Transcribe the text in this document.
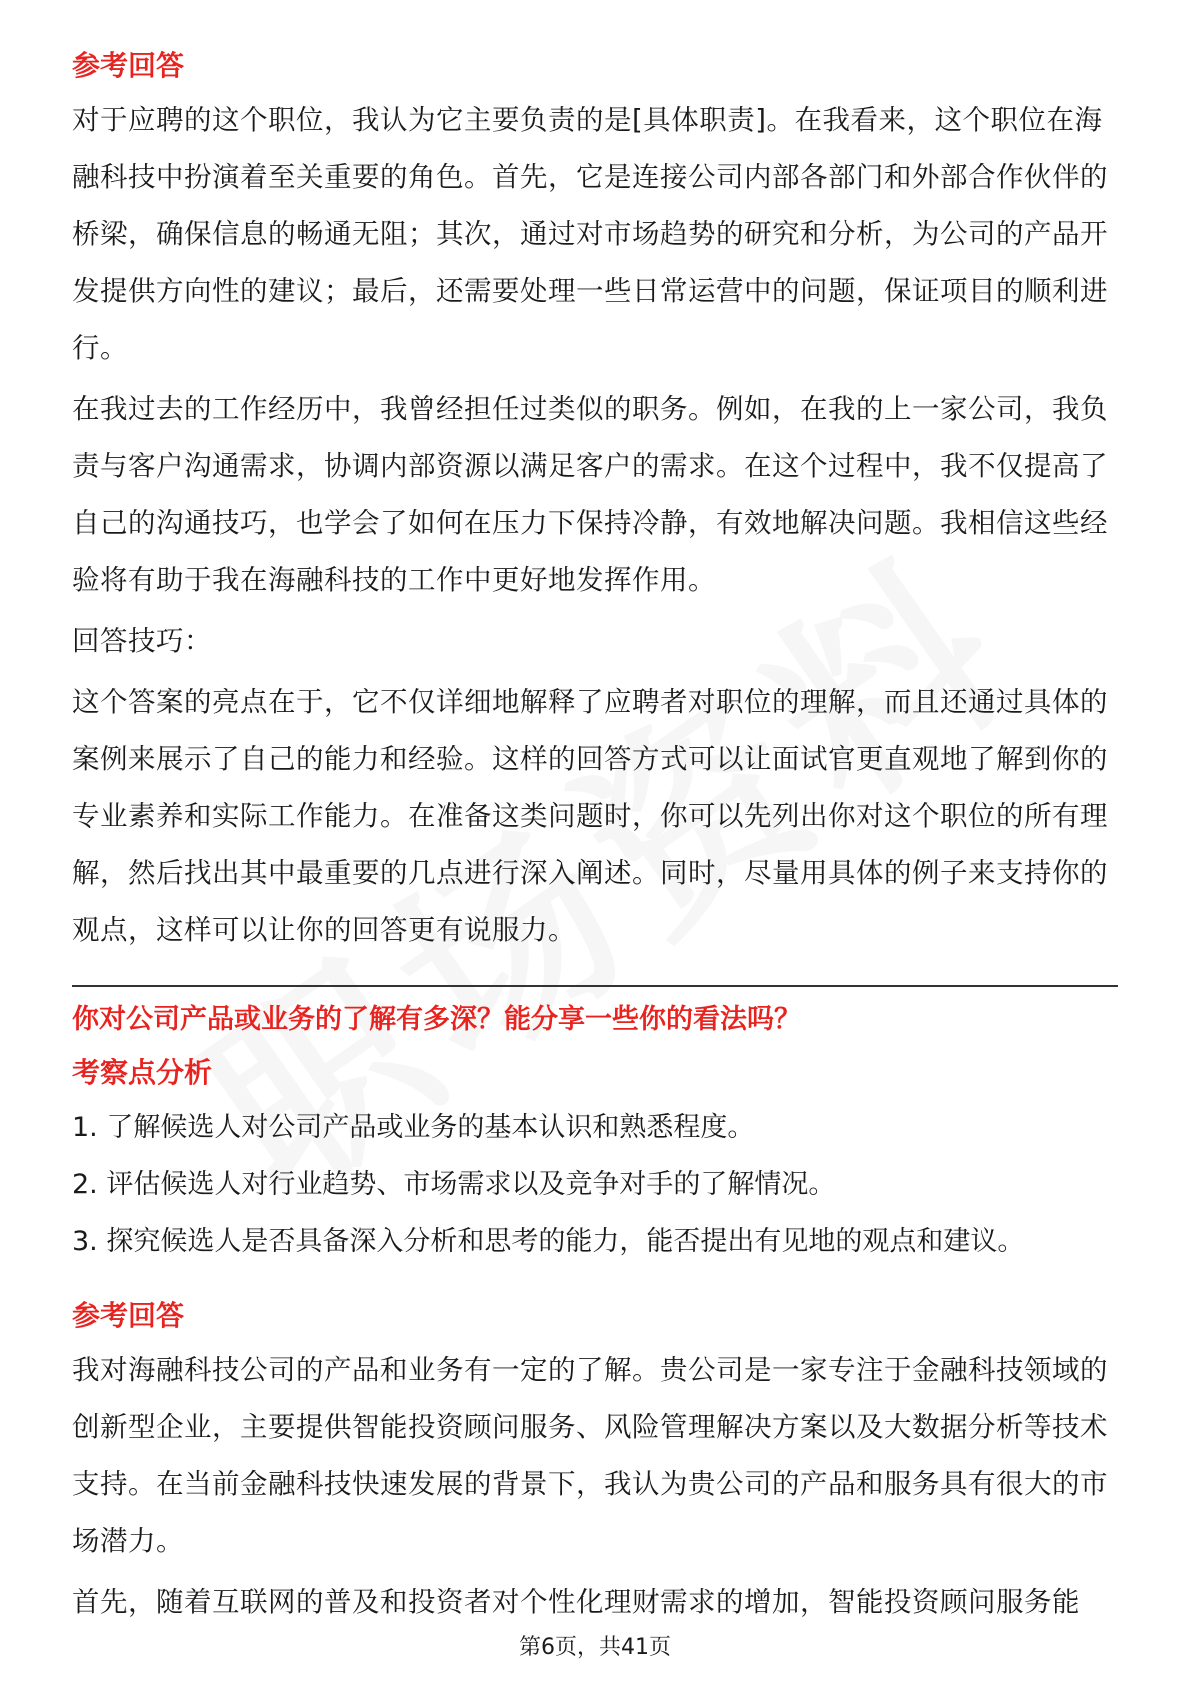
参考回答

对于应聘的这个职位，我认为它主要负责的是[具体职责]。在我看来，这个职位在海融科技中扮演着至关重要的角色。首先，它是连接公司内部各部门和外部合作伙伴的桥梁，确保信息的畅通无阻；其次，通过对市场趋势的研究和分析，为公司的产品开发提供方向性的建议；最后，还需要处理一些日常运营中的问题，保证项目的顺利进行。

在我过去的工作经历中，我曾经担任过类似的职务。例如，在我的上一家公司，我负责与客户沟通需求，协调内部资源以满足客户的需求。在这个过程中，我不仅提高了自己的沟通技巧，也学会了如何在压力下保持冷静，有效地解决问题。我相信这些经验将有助于我在海融科技的工作中更好地发挥作用。

回答技巧：

这个答案的亮点在于，它不仅详细地解释了应聘者对职位的理解，而且还通过具体的案例来展示了自己的能力和经验。这样的回答方式可以让面试官更直观地了解到你的专业素养和实际工作能力。在准备这类问题时，你可以先列出你对这个职位的所有理解，然后找出其中最重要的几点进行深入阐述。同时，尽量用具体的例子来支持你的观点，这样可以让你的回答更有说服力。

你对公司产品或业务的了解有多深？能分享一些你的看法吗？

考察点分析

1. 了解候选人对公司产品或业务的基本认识和熟悉程度。

2. 评估候选人对行业趋势、市场需求以及竞争对手的了解情况。

3. 探究候选人是否具备深入分析和思考的能力，能否提出有见地的观点和建议。

参考回答

我对海融科技公司的产品和业务有一定的了解。贵公司是一家专注于金融科技领域的创新型企业，主要提供智能投资顾问服务、风险管理解决方案以及大数据分析等技术支持。在当前金融科技快速发展的背景下，我认为贵公司的产品和服务具有很大的市场潜力。

首先，随着互联网的普及和投资者对个性化理财需求的增加，智能投资顾问服务能

第6页，共41页
